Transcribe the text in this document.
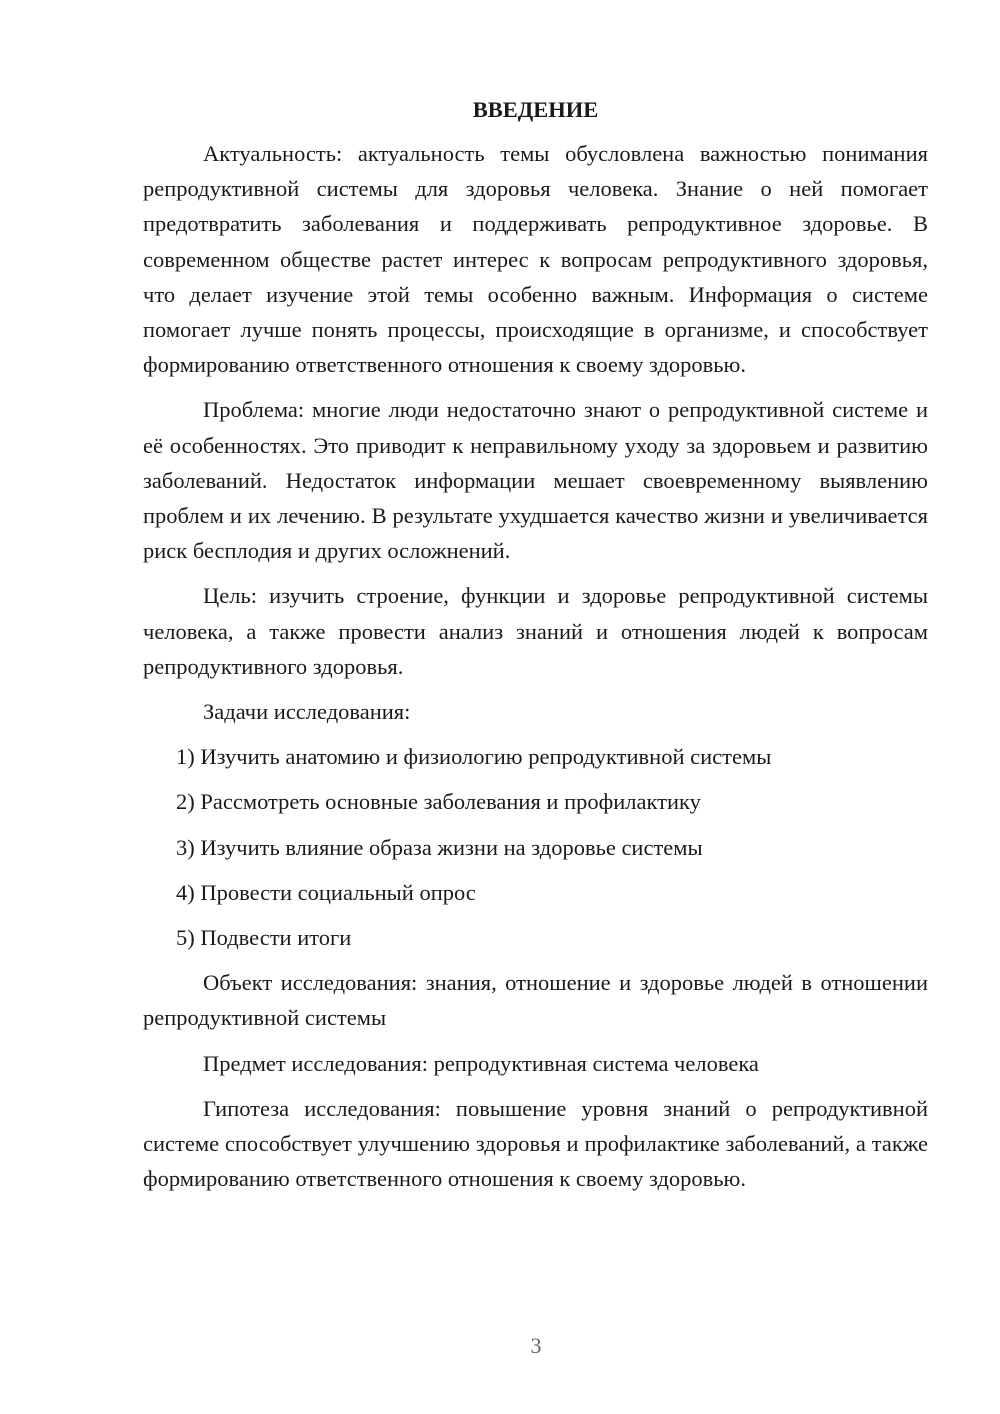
ВВЕДЕНИЕ

Актуальность: актуальность темы обусловлена важностью понимания репродуктивной системы для здоровья человека. Знание о ней помогает предотвратить заболевания и поддерживать репродуктивное здоровье. В современном обществе растет интерес к вопросам репродуктивного здоровья, что делает изучение этой темы особенно важным. Информация о системе помогает лучше понять процессы, происходящие в организме, и способствует формированию ответственного отношения к своему здоровью.

Проблема: многие люди недостаточно знают о репродуктивной системе и её особенностях. Это приводит к неправильному уходу за здоровьем и развитию заболеваний. Недостаток информации мешает своевременному выявлению проблем и их лечению. В результате ухудшается качество жизни и увеличивается риск бесплодия и других осложнений.

Цель: изучить строение, функции и здоровье репродуктивной системы человека, а также провести анализ знаний и отношения людей к вопросам репродуктивного здоровья.

Задачи исследования:

1) Изучить анатомию и физиологию репродуктивной системы
2) Рассмотреть основные заболевания и профилактику
3) Изучить влияние образа жизни на здоровье системы
4) Провести социальный опрос
5) Подвести итоги

Объект исследования: знания, отношение и здоровье людей в отношении репродуктивной системы

Предмет исследования: репродуктивная система человека

Гипотеза исследования: повышение уровня знаний о репродуктивной системе способствует улучшению здоровья и профилактике заболеваний, а также формированию ответственного отношения к своему здоровью.

3
